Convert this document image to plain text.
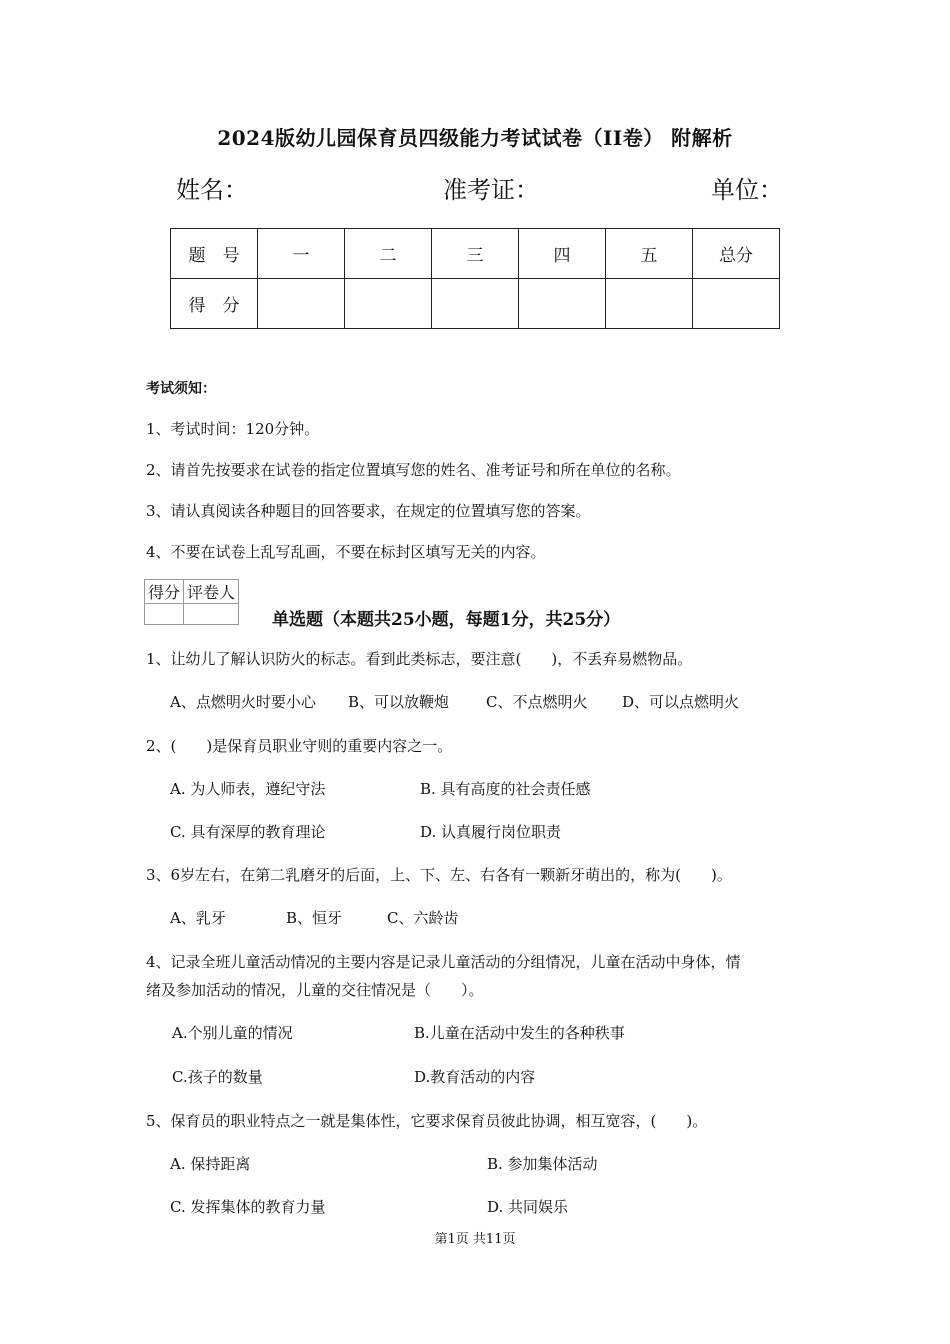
2024版幼儿园保育员四级能力考试试卷（II卷） 附解析
姓名：	准考证：	单位：
题　号	一	二	三	四	五	总分
得　分						
考试须知：
1、考试时间：120分钟。
2、请首先按要求在试卷的指定位置填写您的姓名、准考证号和所在单位的名称。
3、请认真阅读各种题目的回答要求，在规定的位置填写您的答案。
4、不要在试卷上乱写乱画，不要在标封区填写无关的内容。
得分	评卷人

单选题（本题共25小题，每题1分，共25分）
1、让幼儿了解认识防火的标志。看到此类标志，要注意(　　)，不丢弃易燃物品。
A、点燃明火时要小心 B、可以放鞭炮 C、不点燃明火 D、可以点燃明火
2、(　　)是保育员职业守则的重要内容之一。
A. 为人师表，遵纪守法	B. 具有高度的社会责任感
C. 具有深厚的教育理论	D. 认真履行岗位职责
3、6岁左右，在第二乳磨牙的后面，上、下、左、右各有一颗新牙萌出的，称为(　　)。
A、乳牙	B、恒牙	C、六龄齿
4、记录全班儿童活动情况的主要内容是记录儿童活动的分组情况，儿童在活动中身体，情
绪及参加活动的情况，儿童的交往情况是（　　）。
A.个别儿童的情况	B.儿童在活动中发生的各种秩事
C.孩子的数量	D.教育活动的内容
5、保育员的职业特点之一就是集体性，它要求保育员彼此协调，相互宽容，(　　)。
A. 保持距离	B. 参加集体活动
C. 发挥集体的教育力量	D. 共同娱乐
第1页 共11页
